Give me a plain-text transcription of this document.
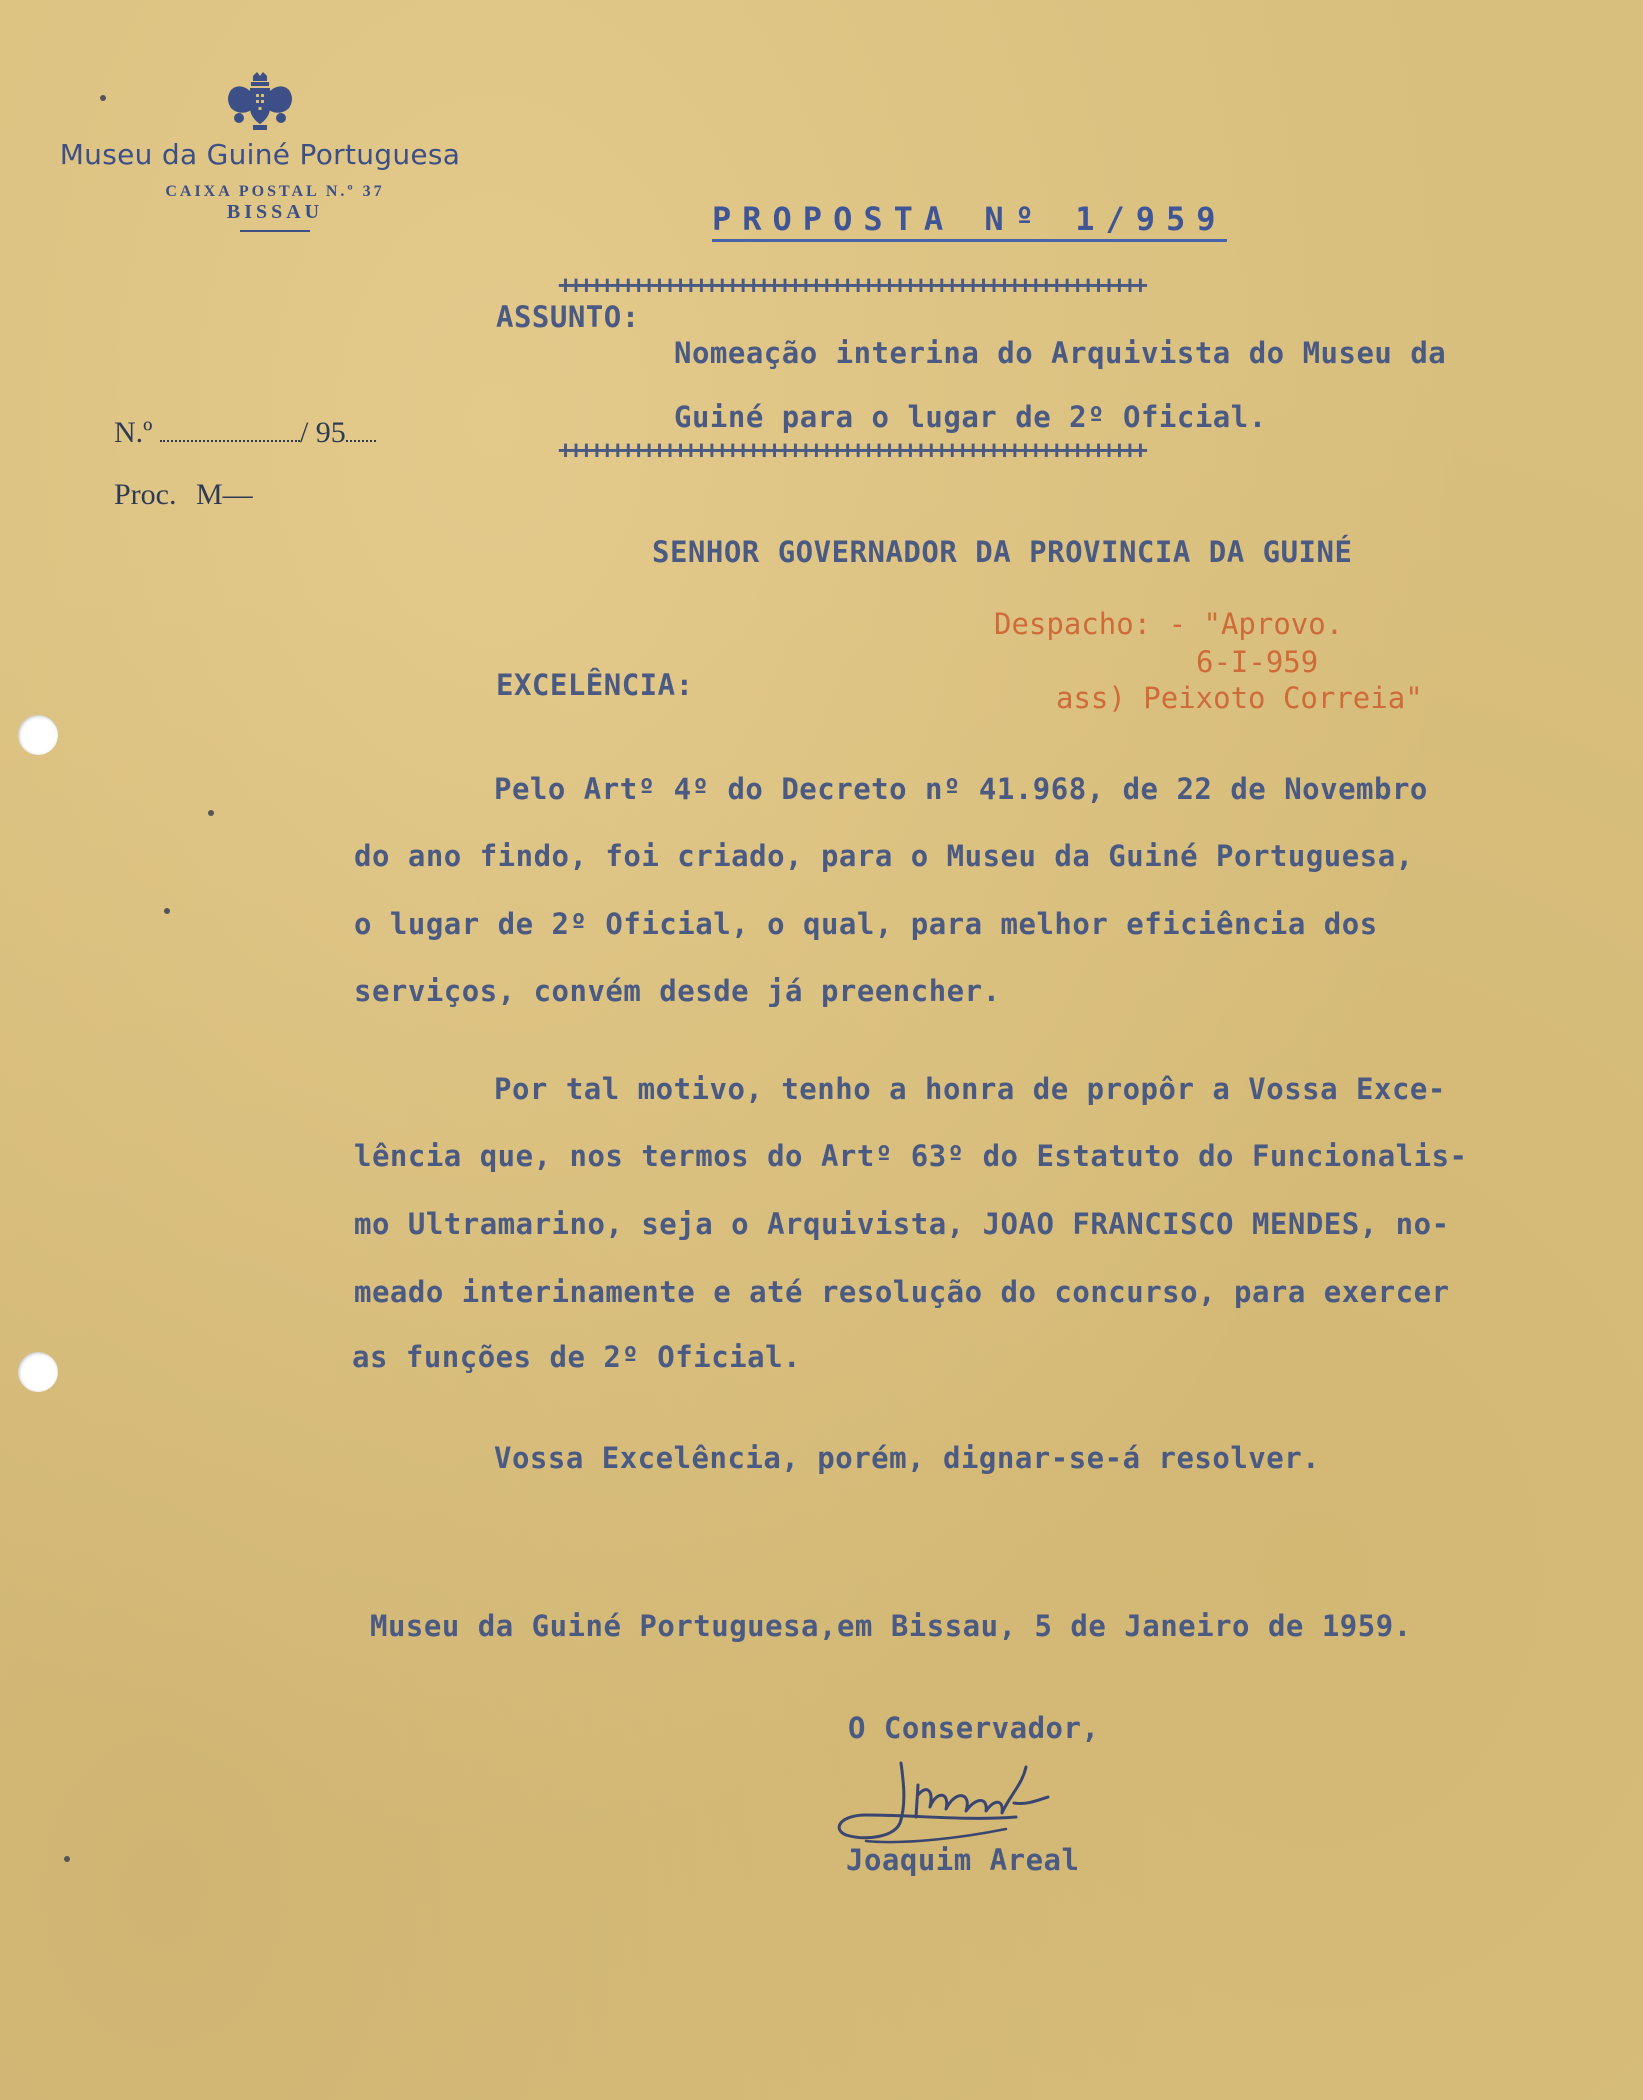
Museu da Guiné Portuguesa
CAIXA POSTAL N.º 37
BISSAU
N.º	/ 95
Proc. M—
PROPOSTA Nº 1/959
++++++++++++++++++++++++++++++++++++++++++++++++++++++++
ASSUNTO:
Nomeação interina do Arquivista do Museu da
Guiné para o lugar de 2º Oficial.
++++++++++++++++++++++++++++++++++++++++++++++++++++++++
SENHOR GOVERNADOR DA PROVINCIA DA GUINÉ
Despacho: - "Aprovo.
6-I-959
ass) Peixoto Correia"
EXCELÊNCIA:
Pelo Artº 4º do Decreto nº 41.968, de 22 de Novembro
do ano findo, foi criado, para o Museu da Guiné Portuguesa,
o lugar de 2º Oficial, o qual, para melhor eficiência dos
serviços, convém desde já preencher.
Por tal motivo, tenho a honra de propôr a Vossa Exce-
lência que, nos termos do Artº 63º do Estatuto do Funcionalis-
mo Ultramarino, seja o Arquivista, JOAO FRANCISCO MENDES, no-
meado interinamente e até resolução do concurso, para exercer
as funções de 2º Oficial.
Vossa Excelência, porém, dignar-se-á resolver.
Museu da Guiné Portuguesa,em Bissau, 5 de Janeiro de 1959.
O Conservador,
Joaquim Areal
